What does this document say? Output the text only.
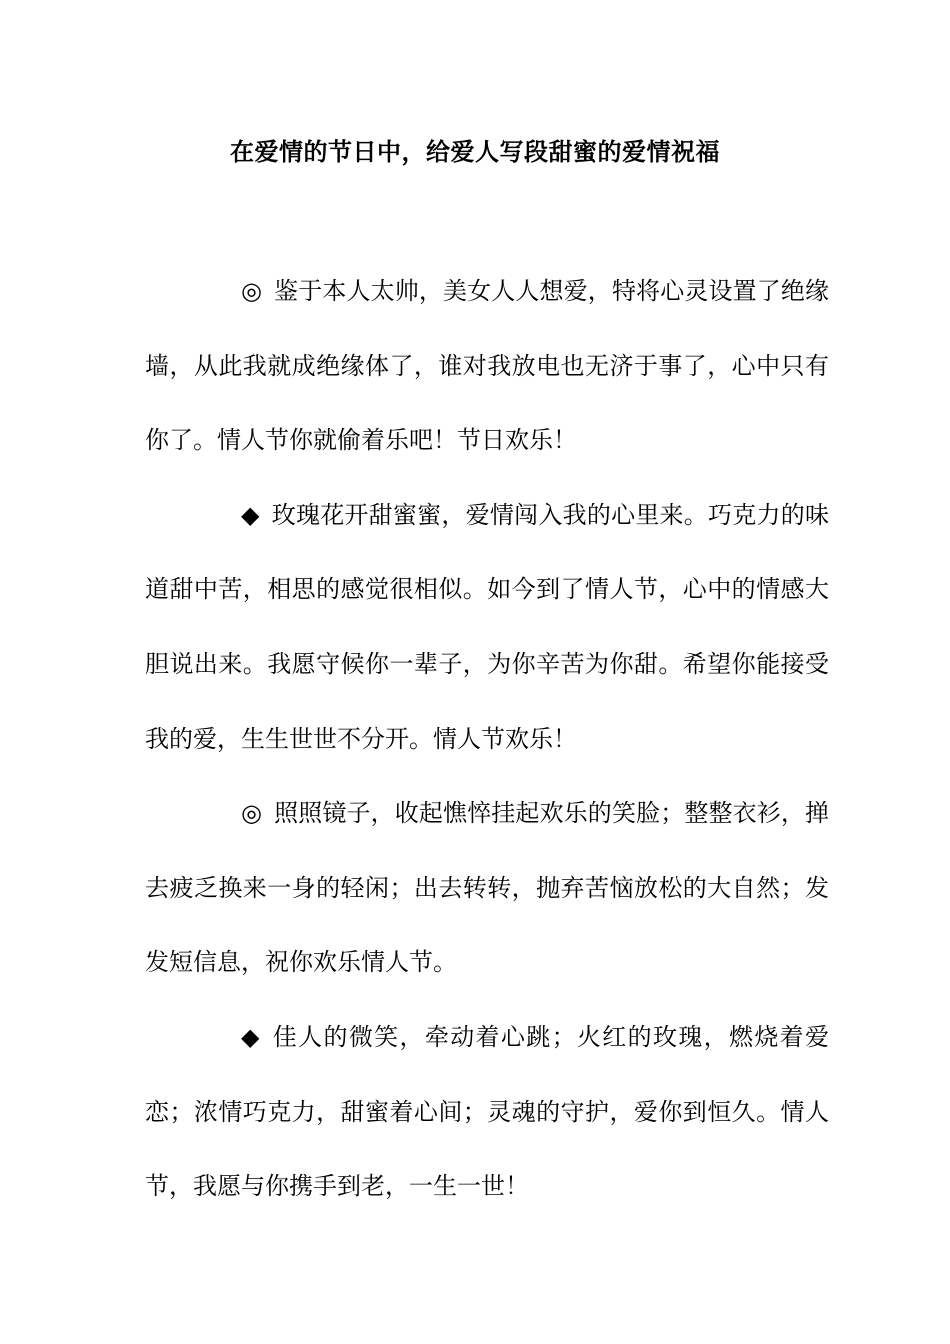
在爱情的节日中，给爱人写段甜蜜的爱情祝福

◎ 鉴于本人太帅，美女人人想爱，特将心灵设置了绝缘墙，从此我就成绝缘体了，谁对我放电也无济于事了，心中只有你了。情人节你就偷着乐吧！节日欢乐！

◆ 玫瑰花开甜蜜蜜，爱情闯入我的心里来。巧克力的味道甜中苦，相思的感觉很相似。如今到了情人节，心中的情感大胆说出来。我愿守候你一辈子，为你辛苦为你甜。希望你能接受我的爱，生生世世不分开。情人节欢乐！

◎ 照照镜子，收起憔悴挂起欢乐的笑脸；整整衣衫，掸去疲乏换来一身的轻闲；出去转转，抛弃苦恼放松的大自然；发发短信息，祝你欢乐情人节。

◆ 佳人的微笑，牵动着心跳；火红的玫瑰，燃烧着爱恋；浓情巧克力，甜蜜着心间；灵魂的守护，爱你到恒久。情人节，我愿与你携手到老，一生一世！
